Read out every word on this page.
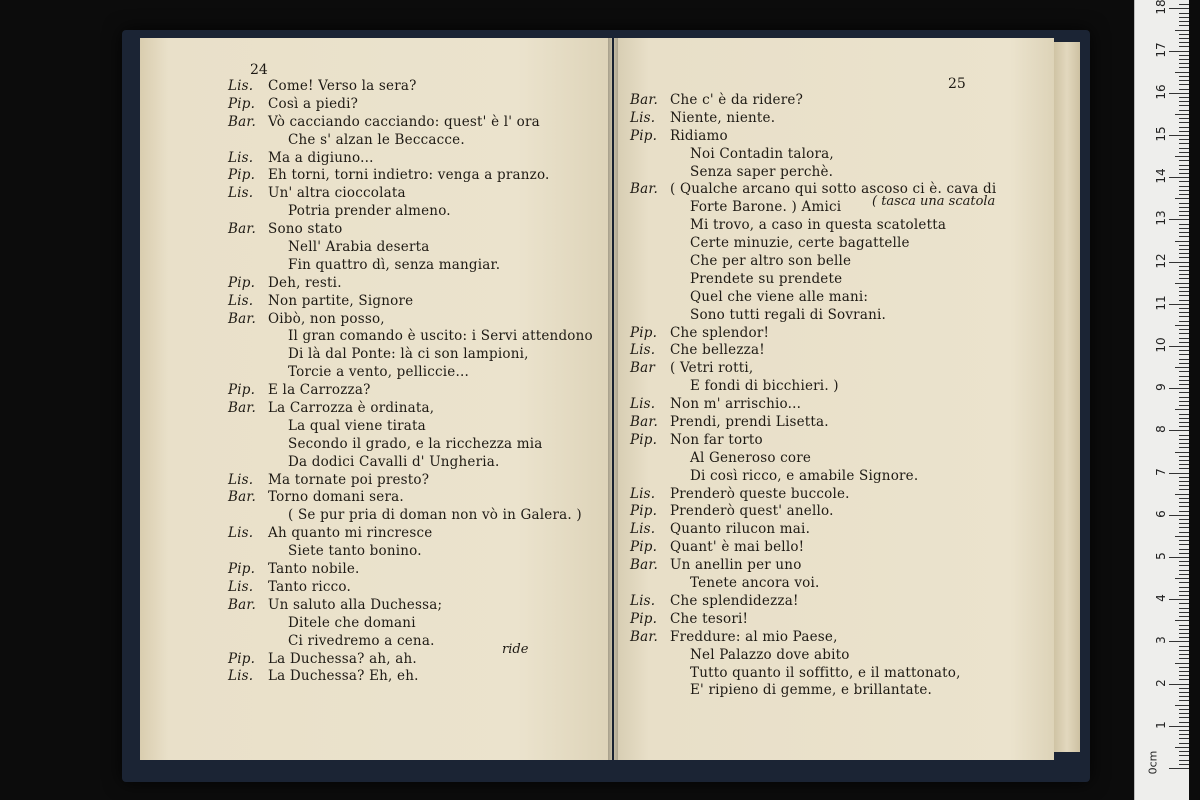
24
Lis. Come! Verso la sera?
Pip. Così a piedi?
Bar. Vò cacciando cacciando: quest' è l' ora
Che s' alzan le Beccacce.
Lis. Ma a digiuno...
Pip. Eh torni, torni indietro: venga a pranzo.
Lis. Un' altra cioccolata
Potria prender almeno.
Bar. Sono stato
Nell' Arabia deserta
Fin quattro dì, senza mangiar.
Pip. Deh, resti.
Lis. Non partite, Signore
Bar. Oibò, non posso,
Il gran comando è uscito: i Servi attendono
Di là dal Ponte: là ci son lampioni,
Torcie a vento, pelliccie...
Pip. E la Carrozza?
Bar. La Carrozza è ordinata,
La qual viene tirata
Secondo il grado, e la ricchezza mia
Da dodici Cavalli d' Ungheria.
Lis. Ma tornate poi presto?
Bar. Torno domani sera.
( Se pur pria di doman non vò in Galera. )
Lis. Ah quanto mi rincresce
Siete tanto bonino.
Pip. Tanto nobile.
Lis. Tanto ricco.
Bar. Un saluto alla Duchessa;
Ditele che domani
Ci rivedremo a cena.
Pip. La Duchessa? ah, ah.
Lis. La Duchessa? Eh, eh.
ride
25
Bar. Che c' è da ridere?
Lis. Niente, niente.
Pip. Ridiamo
Noi Contadin talora,
Senza saper perchè.
Bar. ( Qualche arcano qui sotto ascoso ci è. cava di
Forte Barone. ) Amici
Mi trovo, a caso in questa scatoletta
Certe minuzie, certe bagattelle
Che per altro son belle
Prendete su prendete
Quel che viene alle mani:
Sono tutti regali di Sovrani.
Pip. Che splendor!
Lis. Che bellezza!
Bar ( Vetri rotti,
E fondi di bicchieri. )
Lis. Non m' arrischio...
Bar. Prendi, prendi Lisetta.
Pip. Non far torto
Al Generoso core
Di così ricco, e amabile Signore.
Lis. Prenderò queste buccole.
Pip. Prenderò quest' anello.
Lis. Quanto rilucon mai.
Pip. Quant' è mai bello!
Bar. Un anellin per uno
Tenete ancora voi.
Lis. Che splendidezza!
Pip. Che tesori!
Bar. Freddure: al mio Paese,
Nel Palazzo dove abito
Tutto quanto il soffitto, e il mattonato,
E' ripieno di gemme, e brillantate.
( tasca una scatola
0cm
1
2
3
4
5
6
7
8
9
10
11
12
13
14
15
16
17
18
